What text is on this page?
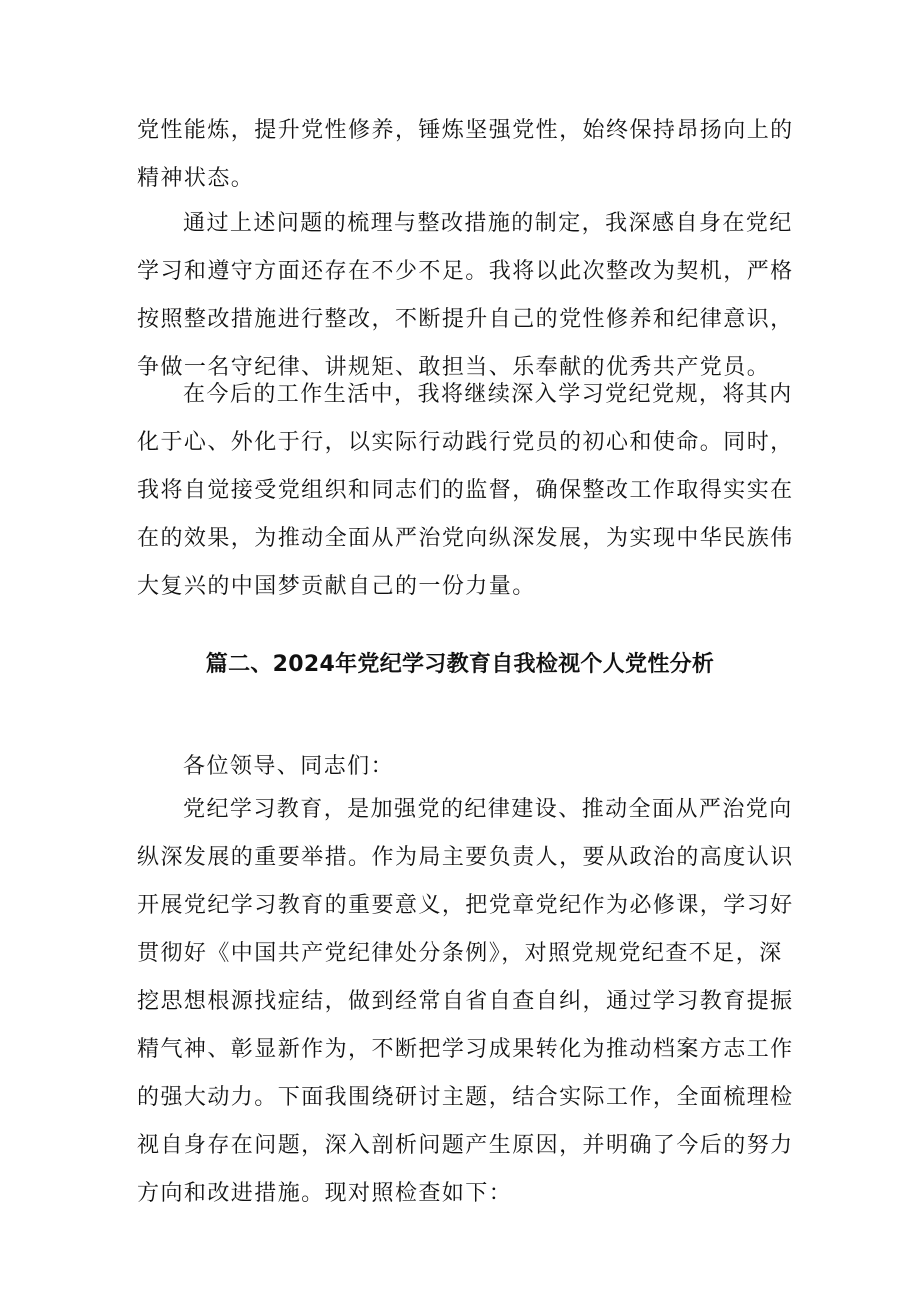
党性能炼，提升党性修养，锤炼坚强党性，始终保持昂扬向上的
精神状态。
通过上述问题的梳理与整改措施的制定，我深感自身在党纪
学习和遵守方面还存在不少不足。我将以此次整改为契机，严格
按照整改措施进行整改，不断提升自己的党性修养和纪律意识，
争做一名守纪律、讲规矩、敢担当、乐奉献的优秀共产党员。
在今后的工作生活中，我将继续深入学习党纪党规，将其内
化于心、外化于行，以实际行动践行党员的初心和使命。同时，
我将自觉接受党组织和同志们的监督，确保整改工作取得实实在
在的效果，为推动全面从严治党向纵深发展，为实现中华民族伟
大复兴的中国梦贡献自己的一份力量。
篇二、2024年党纪学习教育自我检视个人党性分析
各位领导、同志们：
党纪学习教育，是加强党的纪律建设、推动全面从严治党向
纵深发展的重要举措。作为局主要负责人，要从政治的高度认识
开展党纪学习教育的重要意义，把党章党纪作为必修课，学习好
贯彻好《中国共产党纪律处分条例》，对照党规党纪查不足，深
挖思想根源找症结，做到经常自省自查自纠，通过学习教育提振
精气神、彰显新作为，不断把学习成果转化为推动档案方志工作
的强大动力。下面我围绕研讨主题，结合实际工作，全面梳理检
视自身存在问题，深入剖析问题产生原因，并明确了今后的努力
方向和改进措施。现对照检查如下：
